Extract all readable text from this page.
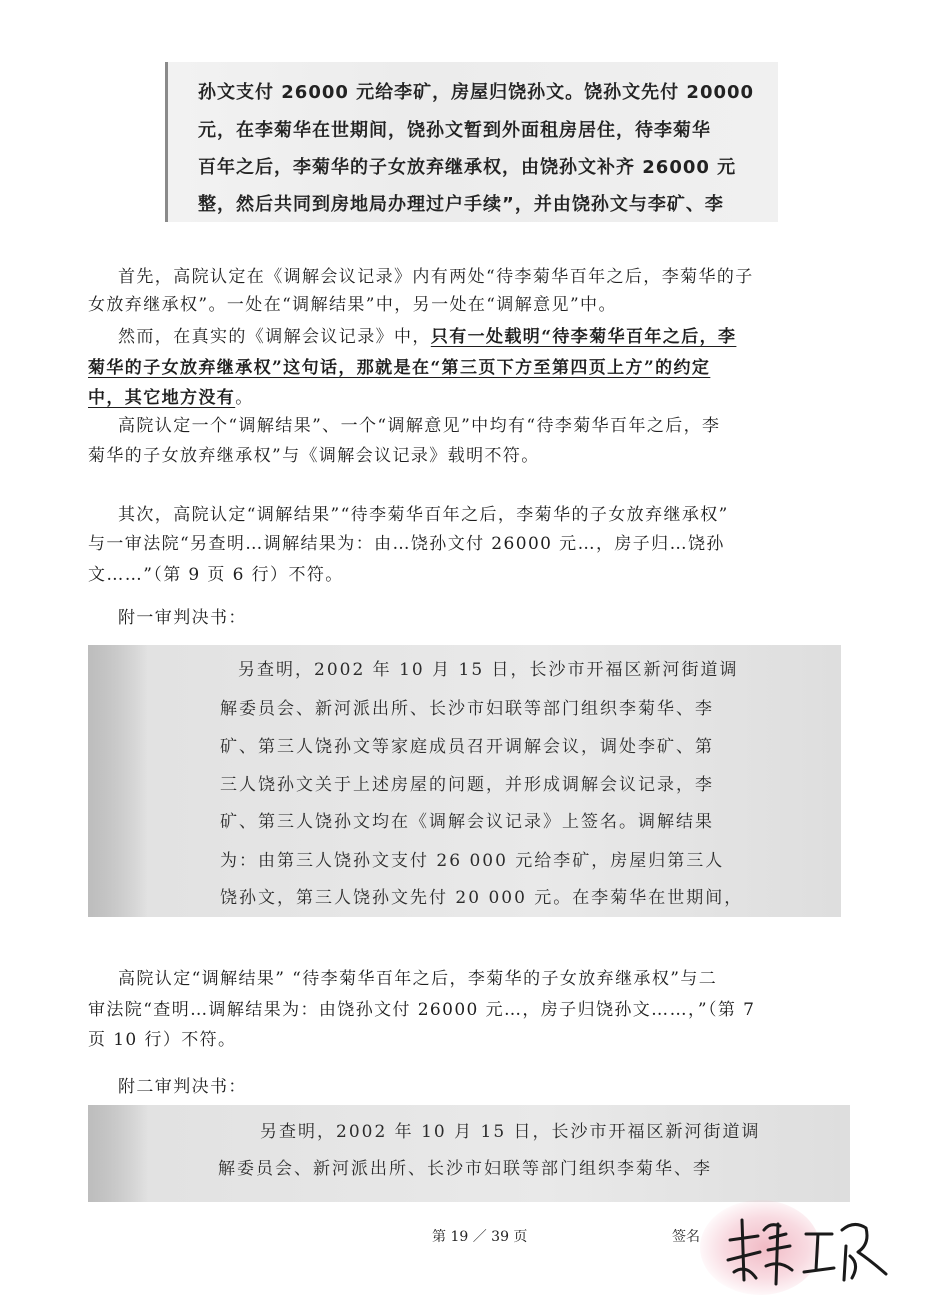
孙文支付 26000 元给李矿，房屋归饶孙文。饶孙文先付 20000

元，在李菊华在世期间，饶孙文暂到外面租房居住，待李菊华

百年之后，李菊华的子女放弃继承权，由饶孙文补齐 26000 元

整，然后共同到房地局办理过户手续”，并由饶孙文与李矿、李

首先，高院认定在《调解会议记录》内有两处“待李菊华百年之后，李菊华的子

女放弃继承权”。一处在“调解结果”中，另一处在“调解意见”中。

然而，在真实的《调解会议记录》中，只有一处载明“待李菊华百年之后，李

菊华的子女放弃继承权”这句话，那就是在“第三页下方至第四页上方”的约定

中，其它地方没有。

高院认定一个“调解结果”、一个“调解意见”中均有“待李菊华百年之后，李

菊华的子女放弃继承权”与《调解会议记录》载明不符。

其次，高院认定“调解结果”“待李菊华百年之后，李菊华的子女放弃继承权”

与一审法院“另查明…调解结果为：由…饶孙文付 26000 元…，房子归…饶孙

文……”（第 9 页 6 行）不符。

附一审判决书：

另查明，2002 年 10 月 15 日，长沙市开福区新河街道调

解委员会、新河派出所、长沙市妇联等部门组织李菊华、李

矿、第三人饶孙文等家庭成员召开调解会议，调处李矿、第

三人饶孙文关于上述房屋的问题，并形成调解会议记录，李

矿、第三人饶孙文均在《调解会议记录》上签名。调解结果

为：由第三人饶孙文支付 26 000 元给李矿，房屋归第三人

饶孙文，第三人饶孙文先付 20 000 元。在李菊华在世期间，

高院认定“调解结果” “待李菊华百年之后，李菊华的子女放弃继承权”与二

审法院“查明…调解结果为：由饶孙文付 26000 元…，房子归饶孙文……，”（第 7

页 10 行）不符。

附二审判决书：

另查明，2002 年 10 月 15 日，长沙市开福区新河街道调

解委员会、新河派出所、长沙市妇联等部门组织李菊华、李

第 19 ／ 39 页	签名
